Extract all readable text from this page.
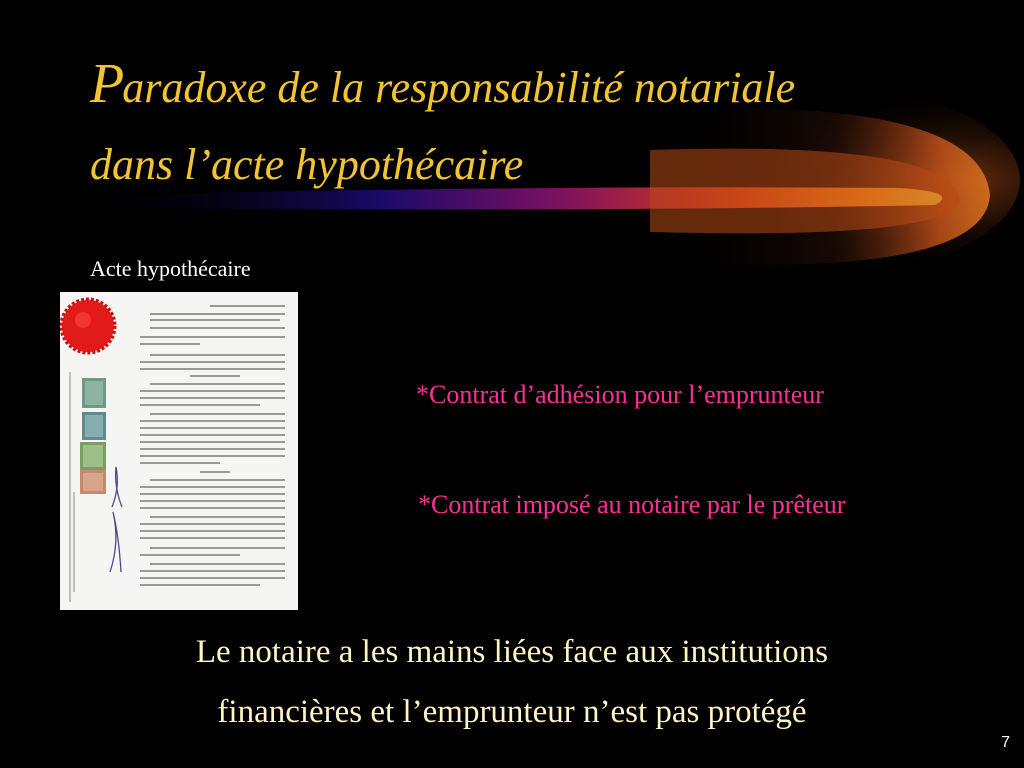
Paradoxe de la responsabilité notariale
dans l’acte hypothécaire
Acte hypothécaire
*Contrat d’adhésion pour l’emprunteur
*Contrat imposé au notaire par le prêteur
Le notaire a les mains liées face aux institutions
financières et l’emprunteur n’est pas protégé
7
